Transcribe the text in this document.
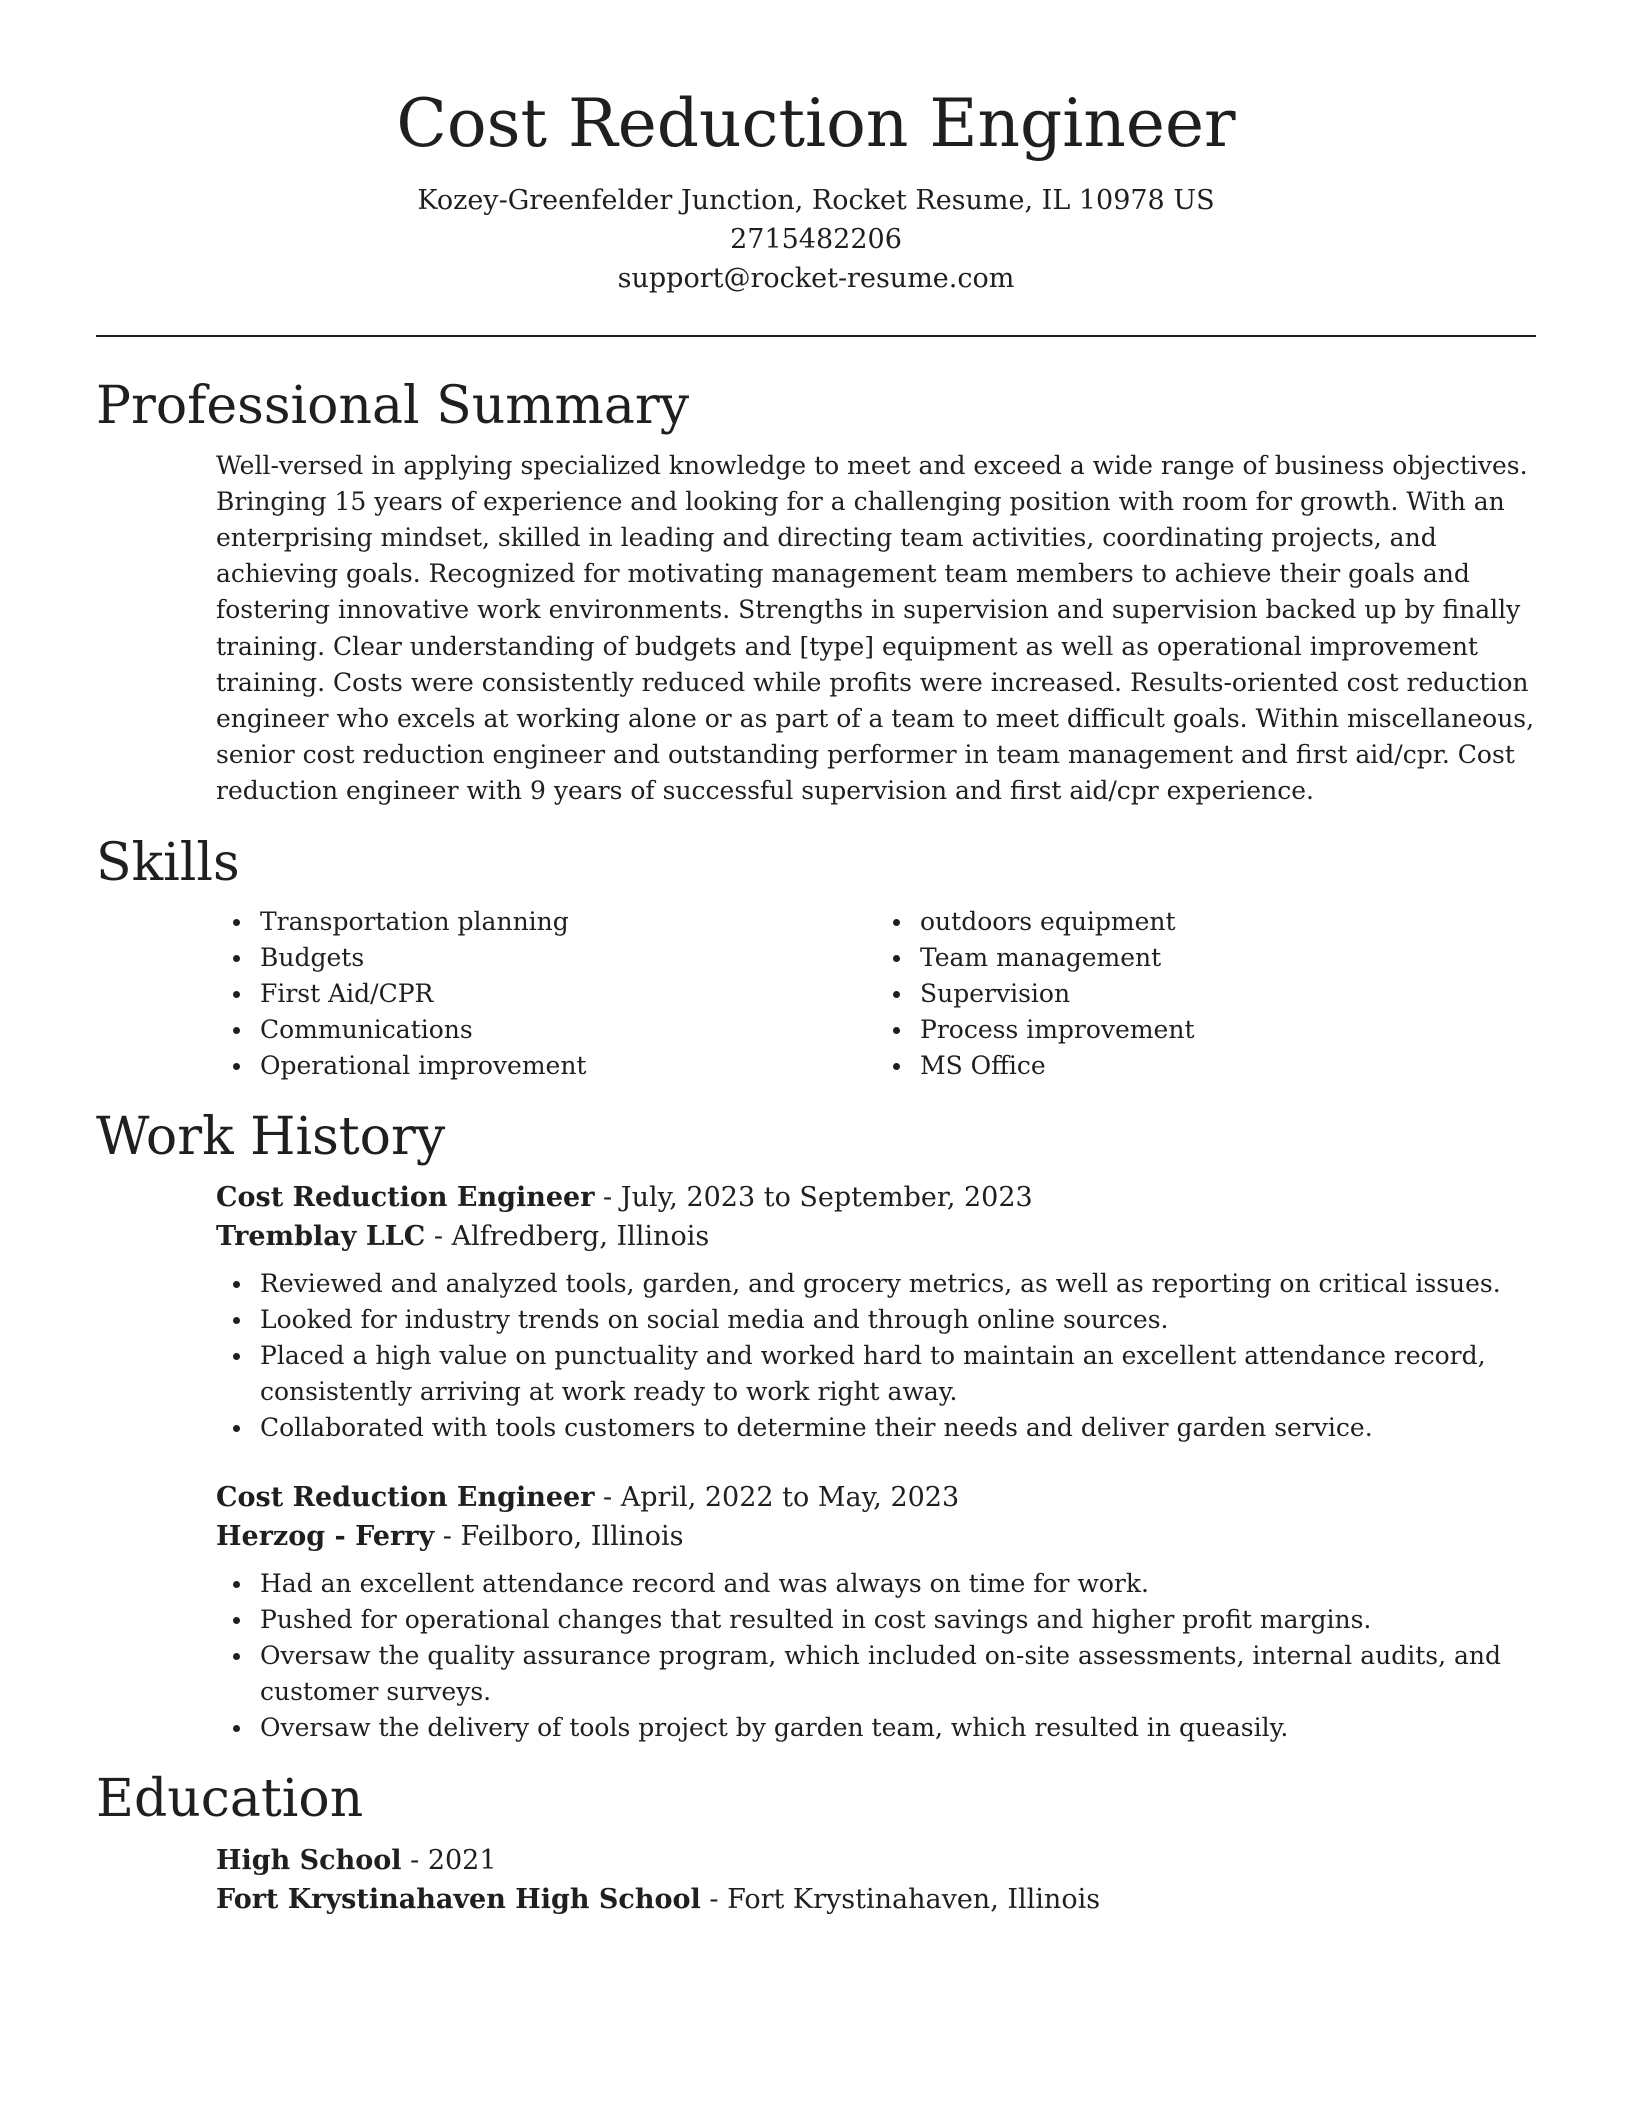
Cost Reduction Engineer
Kozey-Greenfelder Junction, Rocket Resume, IL 10978 US
2715482206
support@rocket-resume.com
Professional Summary
Well-versed in applying specialized knowledge to meet and exceed a wide range of business objectives. Bringing 15 years of experience and looking for a challenging position with room for growth. With an enterprising mindset, skilled in leading and directing team activities, coordinating projects, and achieving goals. Recognized for motivating management team members to achieve their goals and fostering innovative work environments. Strengths in supervision and supervision backed up by finally training. Clear understanding of budgets and [type] equipment as well as operational improvement training. Costs were consistently reduced while profits were increased. Results-oriented cost reduction engineer who excels at working alone or as part of a team to meet difficult goals. Within miscellaneous, senior cost reduction engineer and outstanding performer in team management and first aid/cpr. Cost reduction engineer with 9 years of successful supervision and first aid/cpr experience.
Skills
Transportation planning
Budgets
First Aid/CPR
Communications
Operational improvement
outdoors equipment
Team management
Supervision
Process improvement
MS Office
Work History
Cost Reduction Engineer - July, 2023 to September, 2023
Tremblay LLC - Alfredberg, Illinois
Reviewed and analyzed tools, garden, and grocery metrics, as well as reporting on critical issues.
Looked for industry trends on social media and through online sources.
Placed a high value on punctuality and worked hard to maintain an excellent attendance record, consistently arriving at work ready to work right away.
Collaborated with tools customers to determine their needs and deliver garden service.
Cost Reduction Engineer - April, 2022 to May, 2023
Herzog - Ferry - Feilboro, Illinois
Had an excellent attendance record and was always on time for work.
Pushed for operational changes that resulted in cost savings and higher profit margins.
Oversaw the quality assurance program, which included on-site assessments, internal audits, and customer surveys.
Oversaw the delivery of tools project by garden team, which resulted in queasily.
Education
High School - 2021
Fort Krystinahaven High School - Fort Krystinahaven, Illinois
